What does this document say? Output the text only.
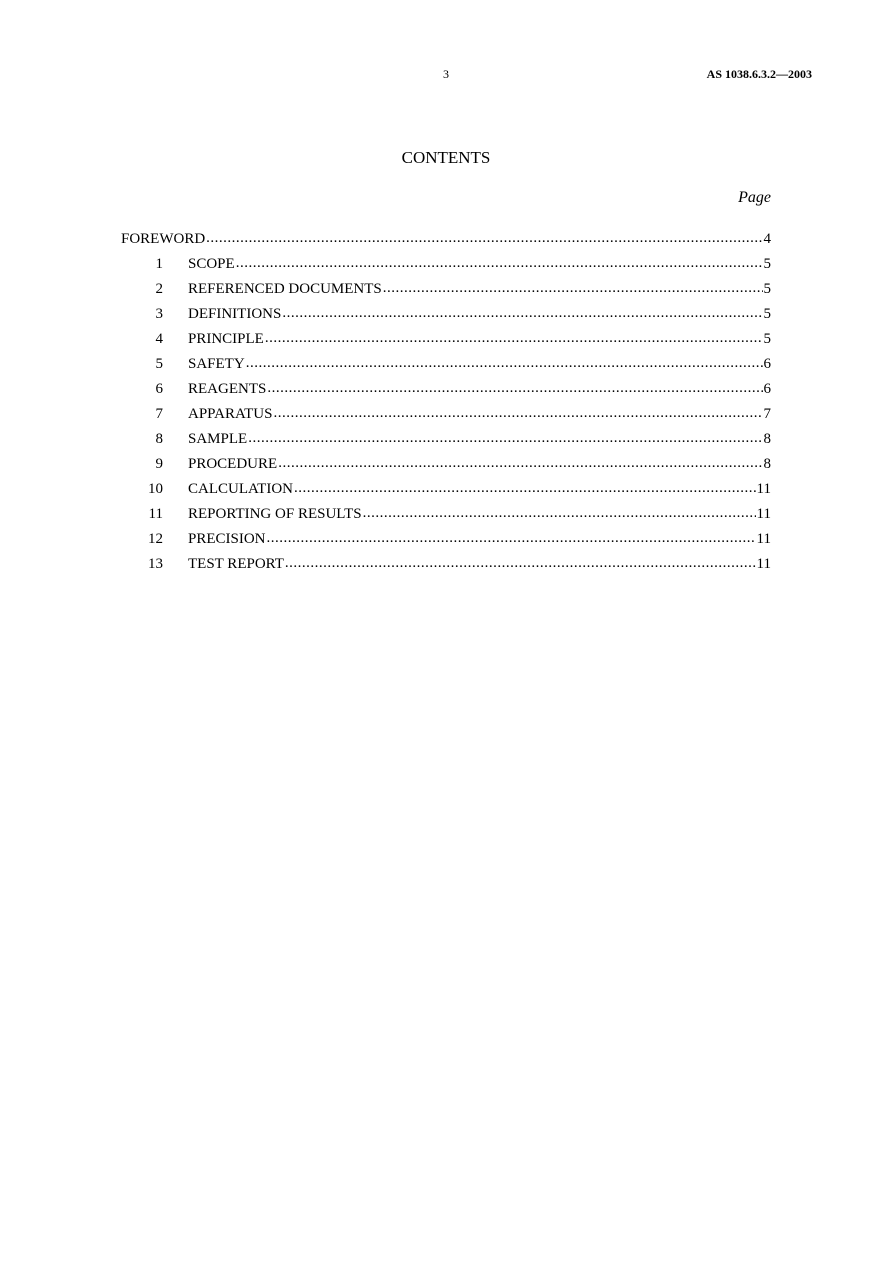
3	AS 1038.6.3.2—2003
CONTENTS
Page
FOREWORD .....	4
1 SCOPE .....	5
2 REFERENCED DOCUMENTS .....	5
3 DEFINITIONS .....	5
4 PRINCIPLE .....	5
5 SAFETY .....	6
6 REAGENTS .....	6
7 APPARATUS .....	7
8 SAMPLE .....	8
9 PROCEDURE .....	8
10 CALCULATION .....	11
11 REPORTING OF RESULTS .....	11
12 PRECISION .....	11
13 TEST REPORT .....	11
